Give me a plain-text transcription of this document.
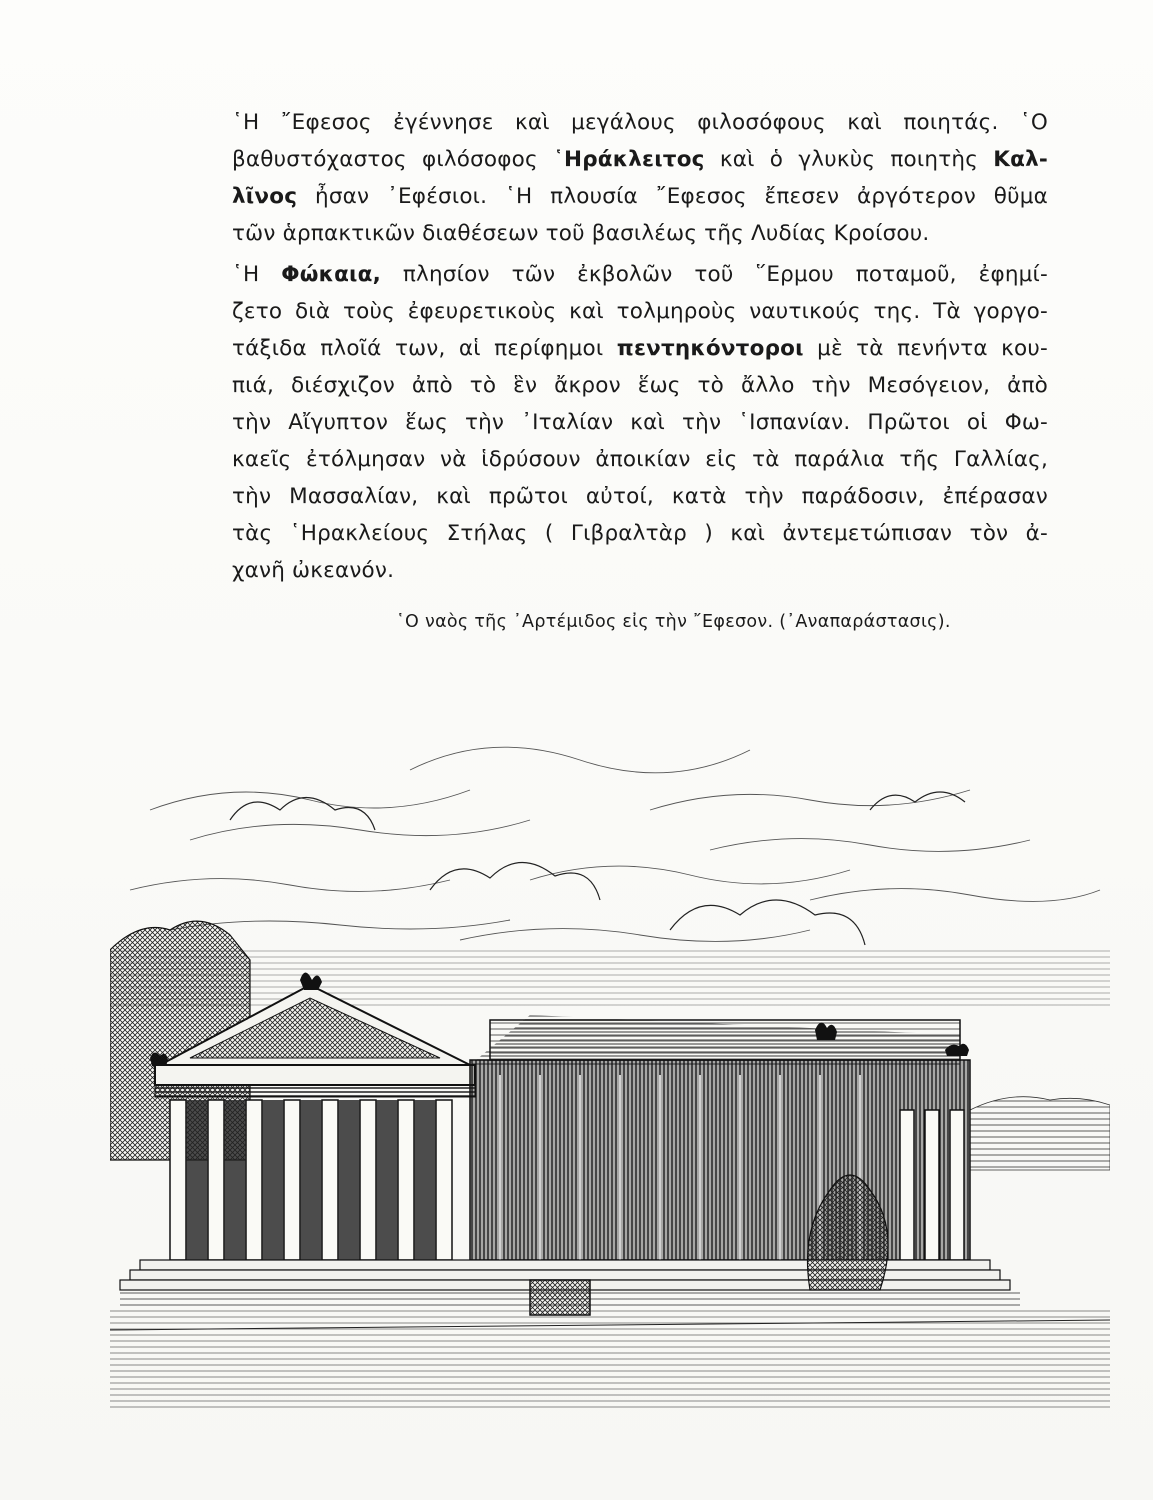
῾Η ῎Εφεσος ἐγέννησε καὶ μεγάλους φιλοσόφους καὶ ποιητάς. ῾Ο
βαθυστόχαστος φιλόσοφος ῾Ηράκλειτος καὶ ὁ γλυκὺς ποιητὴς Καλ-
λῖνος ἦσαν ᾿Εφέσιοι. ῾Η πλουσία ῎Εφεσος ἔπεσεν ἀργότερον θῦμα
τῶν ἁρπακτικῶν διαθέσεων τοῦ βασιλέως τῆς Λυδίας Κροίσου.

῾Η Φώκαια, πλησίον τῶν ἐκβολῶν τοῦ ῞Ερμου ποταμοῦ, ἐφημί-
ζετο διὰ τοὺς ἐφευρετικοὺς καὶ τολμηροὺς ναυτικούς της. Τὰ γοργο-
τάξιδα πλοῖά των, αἱ περίφημοι πεντηκόντοροι μὲ τὰ πενήντα κου-
πιά, διέσχιζον ἀπὸ τὸ ἓν ἄκρον ἕως τὸ ἄλλο τὴν Μεσόγειον, ἀπὸ
τὴν Αἴγυπτον ἕως τὴν ᾿Ιταλίαν καὶ τὴν ῾Ισπανίαν. Πρῶτοι οἱ Φω-
καεῖς ἐτόλμησαν νὰ ἱδρύσουν ἀποικίαν εἰς τὰ παράλια τῆς Γαλλίας,
τὴν Μασσαλίαν, καὶ πρῶτοι αὐτοί, κατὰ τὴν παράδοσιν, ἐπέρασαν
τὰς ῾Ηρακλείους Στήλας ( Γιβραλτὰρ ) καὶ ἀντεμετώπισαν τὸν ἀ-
χανῆ ὠκεανόν.

῾Ο ναὸς τῆς ᾿Αρτέμιδος εἰς τὴν ῎Εφεσον. (᾿Αναπαράστασις).
